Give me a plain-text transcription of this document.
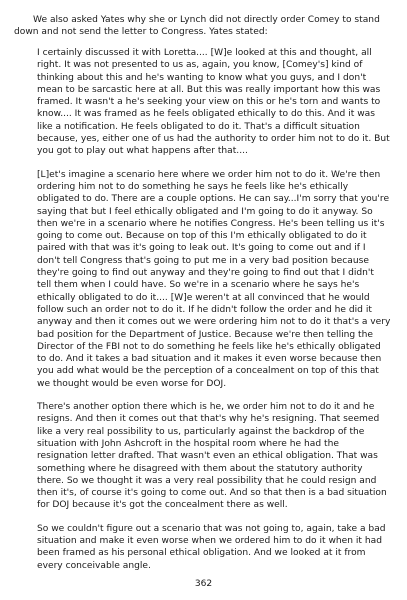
We also asked Yates why she or Lynch did not directly order Comey to stand down and not send the letter to Congress. Yates stated:

I certainly discussed it with Loretta.... [W]e looked at this and thought, all right. It was not presented to us as, again, you know, [Comey's] kind of thinking about this and he's wanting to know what you guys, and I don't mean to be sarcastic here at all. But this was really important how this was framed. It wasn't a he's seeking your view on this or he's torn and wants to know.... It was framed as he feels obligated ethically to do this. And it was like a notification. He feels obligated to do it. That's a difficult situation because, yes, either one of us had the authority to order him not to do it. But you got to play out what happens after that....

[L]et's imagine a scenario here where we order him not to do it. We're then ordering him not to do something he says he feels like he's ethically obligated to do. There are a couple options. He can say...I'm sorry that you're saying that but I feel ethically obligated and I'm going to do it anyway. So then we're in a scenario where he notifies Congress. He's been telling us it's going to come out. Because on top of this I'm ethically obligated to do it paired with that was it's going to leak out. It's going to come out and if I don't tell Congress that's going to put me in a very bad position because they're going to find out anyway and they're going to find out that I didn't tell them when I could have. So we're in a scenario where he says he's ethically obligated to do it.... [W]e weren't at all convinced that he would follow such an order not to do it. If he didn't follow the order and he did it anyway and then it comes out we were ordering him not to do it that's a very bad position for the Department of Justice. Because we're then telling the Director of the FBI not to do something he feels like he's ethically obligated to do. And it takes a bad situation and it makes it even worse because then you add what would be the perception of a concealment on top of this that we thought would be even worse for DOJ.

There's another option there which is he, we order him not to do it and he resigns. And then it comes out that that's why he's resigning. That seemed like a very real possibility to us, particularly against the backdrop of the situation with John Ashcroft in the hospital room where he had the resignation letter drafted. That wasn't even an ethical obligation. That was something where he disagreed with them about the statutory authority there. So we thought it was a very real possibility that he could resign and then it's, of course it's going to come out. And so that then is a bad situation for DOJ because it's got the concealment there as well.

So we couldn't figure out a scenario that was not going to, again, take a bad situation and make it even worse when we ordered him to do it when it had been framed as his personal ethical obligation. And we looked at it from every conceivable angle.

362
